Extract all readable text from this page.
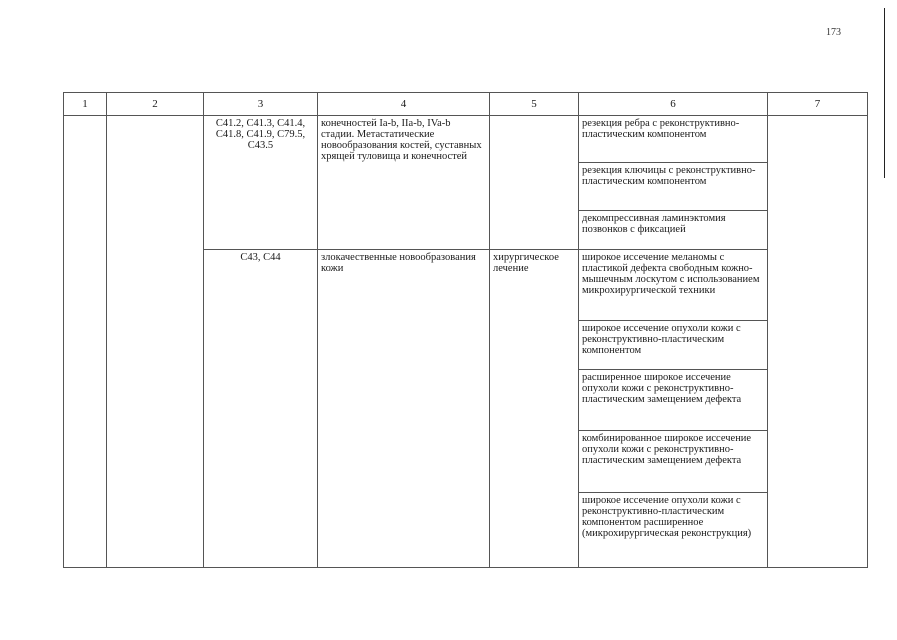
173
1	2	3	4	5	6	7
		C41.2, C41.3, C41.4, C41.8, C41.9, C79.5, C43.5	конечностей Ia-b, IIa-b, IVa-b стадии. Метастатические новообразования костей, суставных хрящей туловища и конечностей		резекция ребра с реконструктивно-пластическим компонентом	
					резекция ключицы с реконструктивно-пластическим компонентом	
					декомпрессивная ламинэктомия позвонков с фиксацией	
		C43, C44	злокачественные новообразования кожи	хирургическое лечение	широкое иссечение меланомы с пластикой дефекта свободным кожно-мышечным лоскутом с использованием микрохирургической техники	
					широкое иссечение опухоли кожи с реконструктивно-пластическим компонентом	
					расширенное широкое иссечение опухоли кожи с реконструктивно-пластическим замещением дефекта	
					комбинированное широкое иссечение опухоли кожи с реконструктивно-пластическим замещением дефекта	
					широкое иссечение опухоли кожи с реконструктивно-пластическим компонентом расширенное (микрохирургическая реконструкция)	
